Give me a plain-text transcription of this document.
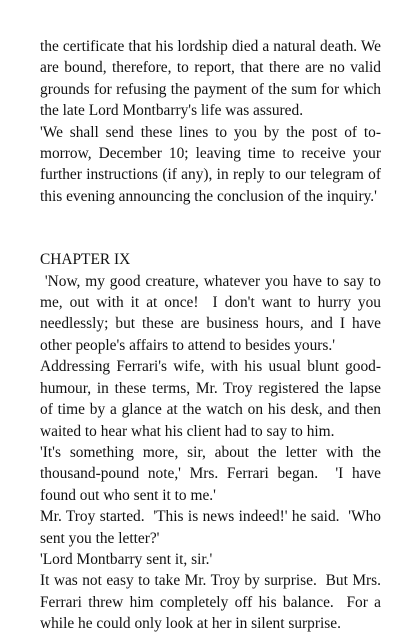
the certificate that his lordship died a natural death. We are bound, therefore, to report, that there are no valid grounds for refusing the payment of the sum for which the late Lord Montbarry's life was assured.

'We shall send these lines to you by the post of to-morrow, December 10; leaving time to receive your further instructions (if any), in reply to our telegram of this evening announcing the conclusion of the inquiry.'

CHAPTER IX

'Now, my good creature, whatever you have to say to me, out with it at once!  I don't want to hurry you needlessly; but these are business hours, and I have other people's affairs to attend to besides yours.'

Addressing Ferrari's wife, with his usual blunt good-humour, in these terms, Mr. Troy registered the lapse of time by a glance at the watch on his desk, and then waited to hear what his client had to say to him.

'It's something more, sir, about the letter with the thousand-pound note,' Mrs. Ferrari began.  'I have found out who sent it to me.'

Mr. Troy started.  'This is news indeed!' he said.  'Who sent you the letter?'

'Lord Montbarry sent it, sir.'

It was not easy to take Mr. Troy by surprise.  But Mrs. Ferrari threw him completely off his balance.  For a while he could only look at her in silent surprise.
